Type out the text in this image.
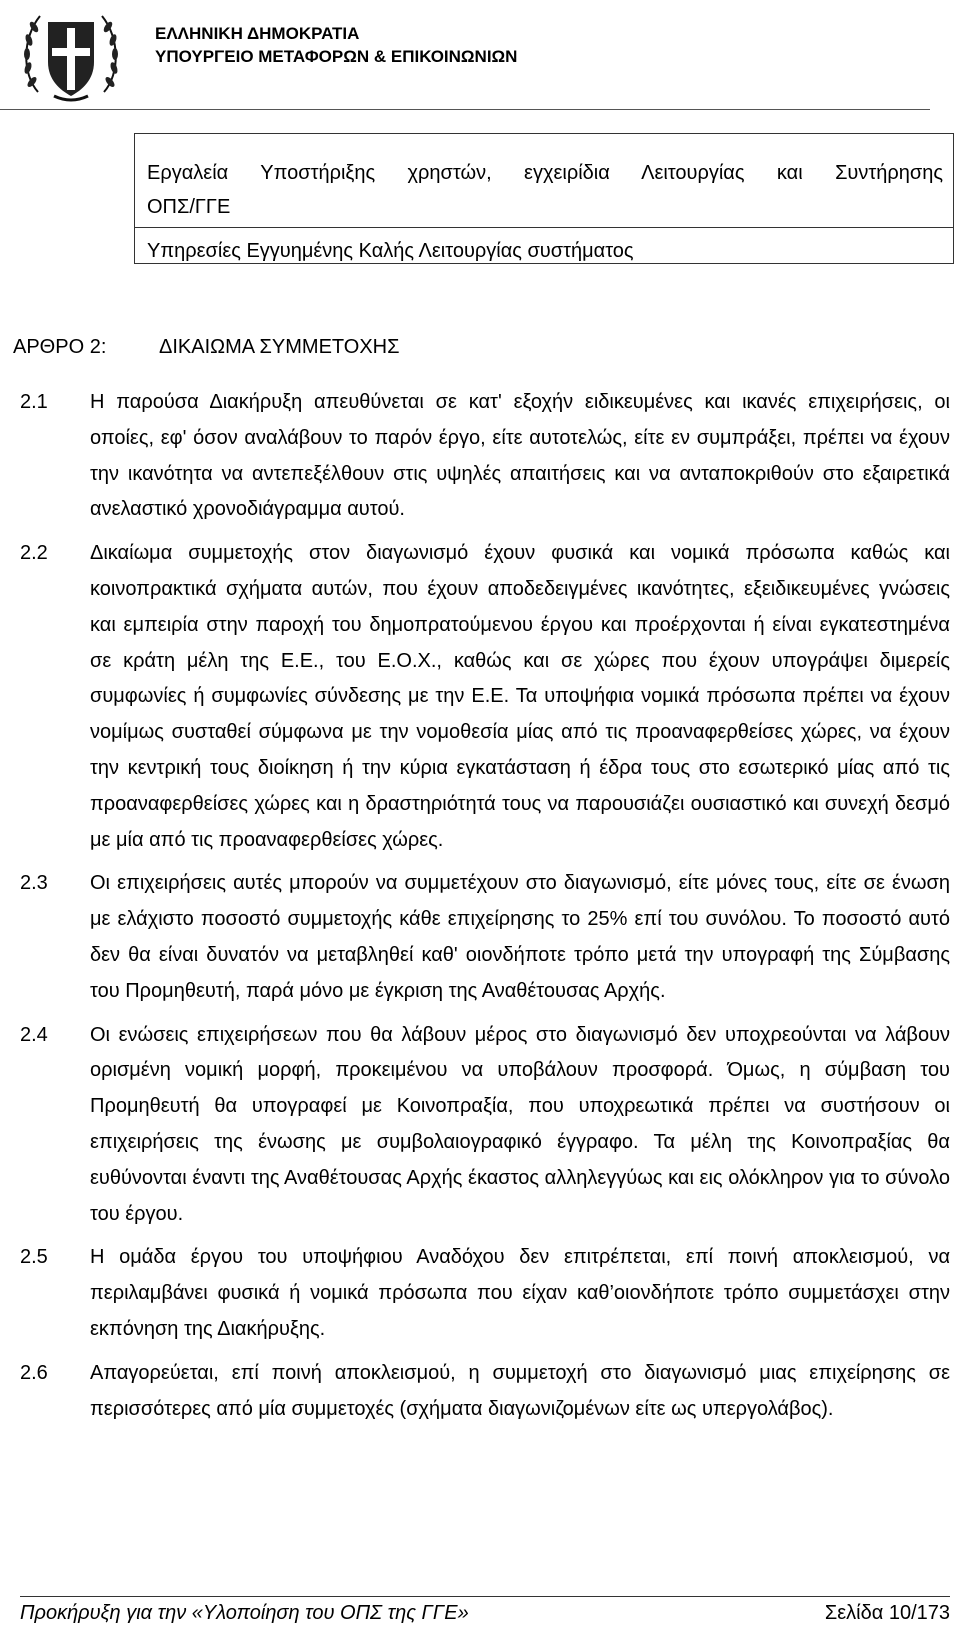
ΕΛΛΗΝΙΚΗ ΔΗΜΟΚΡΑΤΙΑ
ΥΠΟΥΡΓΕΙΟ ΜΕΤΑΦΟΡΩΝ & ΕΠΙΚΟΙΝΩΝΙΩΝ
Εργαλεία Υποστήριξης χρηστών, εγχειρίδια Λειτουργίας και Συντήρησης
ΟΠΣ/ΓΓΕ
Υπηρεσίες Εγγυημένης Καλής Λειτουργίας συστήματος
ΑΡΘΡΟ 2:	ΔΙΚΑΙΩΜΑ ΣΥΜΜΕΤΟΧΗΣ
2.1 Η παρούσα Διακήρυξη απευθύνεται σε κατ' εξοχήν ειδικευμένες και ικανές επιχειρήσεις, οι οποίες, εφ' όσον αναλάβουν το παρόν έργο, είτε αυτοτελώς, είτε εν συμπράξει, πρέπει να έχουν την ικανότητα να αντεπεξέλθουν στις υψηλές απαιτήσεις και να ανταποκριθούν στο εξαιρετικά ανελαστικό χρονοδιάγραμμα αυτού.
2.2 Δικαίωμα συμμετοχής στον διαγωνισμό έχουν φυσικά και νομικά πρόσωπα καθώς και κοινοπρακτικά σχήματα αυτών, που έχουν αποδεδειγμένες ικανότητες, εξειδικευμένες γνώσεις και εμπειρία στην παροχή του δημοπρατούμενου έργου και προέρχονται ή είναι εγκατεστημένα σε κράτη μέλη της Ε.Ε., του Ε.Ο.Χ., καθώς και σε χώρες που έχουν υπογράψει διμερείς συμφωνίες ή συμφωνίες σύνδεσης με την Ε.Ε. Τα υποψήφια νομικά πρόσωπα πρέπει να έχουν νομίμως συσταθεί σύμφωνα με την νομοθεσία μίας από τις προαναφερθείσες χώρες, να έχουν την κεντρική τους διοίκηση ή την κύρια εγκατάσταση ή έδρα τους στο εσωτερικό μίας από τις προαναφερθείσες χώρες και η δραστηριότητά τους να παρουσιάζει ουσιαστικό και συνεχή δεσμό με μία από τις προαναφερθείσες χώρες.
2.3 Οι επιχειρήσεις αυτές μπορούν να συμμετέχουν στο διαγωνισμό, είτε μόνες τους, είτε σε ένωση με ελάχιστο ποσοστό συμμετοχής κάθε επιχείρησης το 25% επί του συνόλου. Το ποσοστό αυτό δεν θα είναι δυνατόν να μεταβληθεί καθ' οιονδήποτε τρόπο μετά την υπογραφή της Σύμβασης του Προμηθευτή, παρά μόνο με έγκριση της Αναθέτουσας Αρχής.
2.4 Οι ενώσεις επιχειρήσεων που θα λάβουν μέρος στο διαγωνισμό δεν υποχρεούνται να λάβουν ορισμένη νομική μορφή, προκειμένου να υποβάλουν προσφορά. Όμως, η σύμβαση του Προμηθευτή θα υπογραφεί με Κοινοπραξία, που υποχρεωτικά πρέπει να συστήσουν οι επιχειρήσεις της ένωσης με συμβολαιογραφικό έγγραφο. Τα μέλη της Κοινοπραξίας θα ευθύνονται έναντι της Αναθέτουσας Αρχής έκαστος αλληλεγγύως και εις ολόκληρον για το σύνολο του έργου.
2.5 Η ομάδα έργου του υποψήφιου Αναδόχου δεν επιτρέπεται, επί ποινή αποκλεισμού, να περιλαμβάνει φυσικά ή νομικά πρόσωπα που είχαν καθ’οιονδήποτε τρόπο συμμετάσχει στην εκπόνηση της Διακήρυξης.
2.6 Απαγορεύεται, επί ποινή αποκλεισμού, η συμμετοχή στο διαγωνισμό μιας επιχείρησης σε περισσότερες από μία συμμετοχές (σχήματα διαγωνιζομένων είτε ως υπεργολάβος).
Προκήρυξη για την «Υλοποίηση του ΟΠΣ της ΓΓΕ»	Σελίδα 10/173
